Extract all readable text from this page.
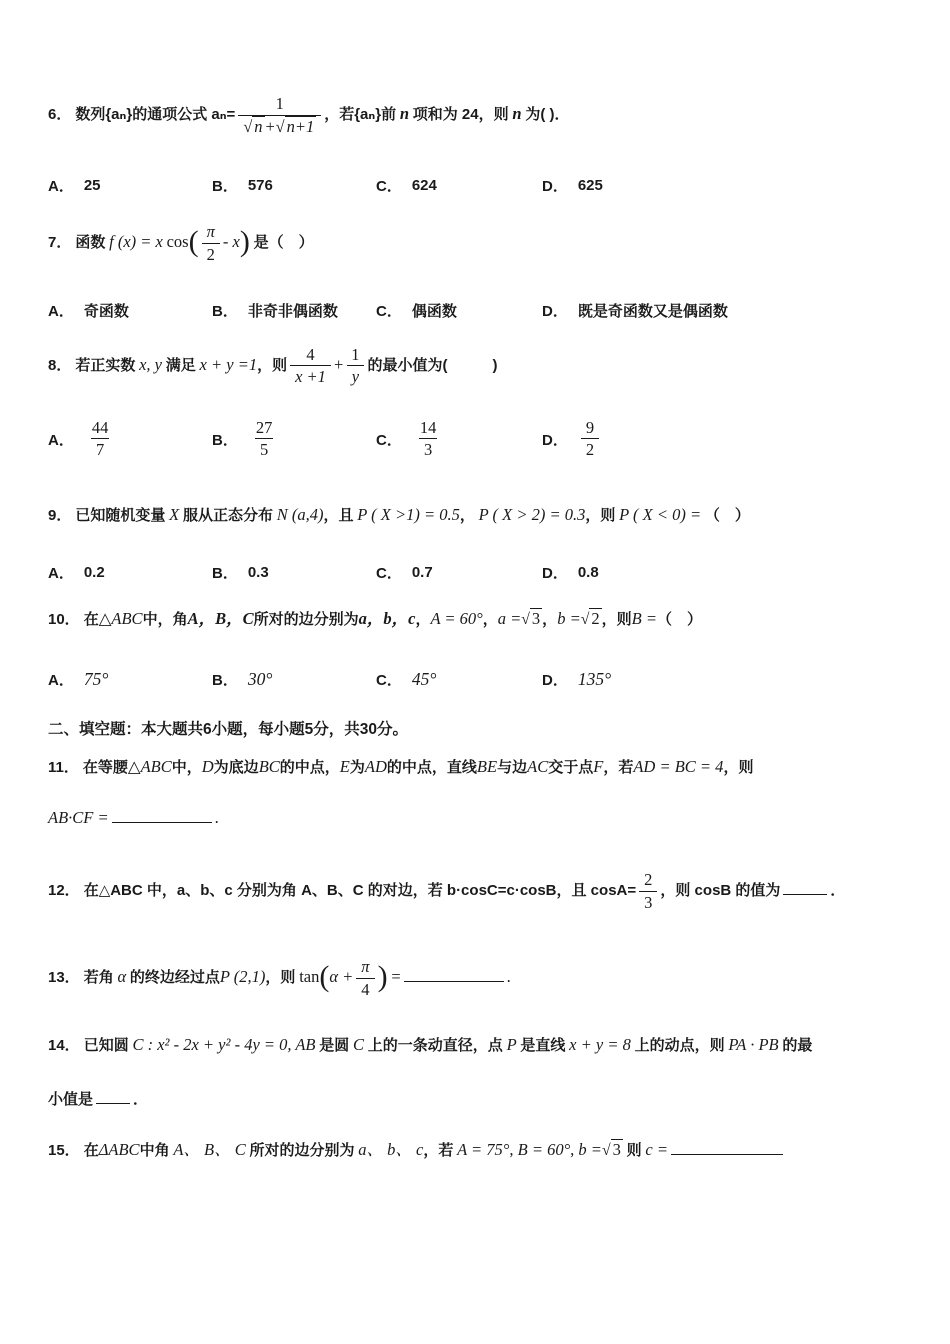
6． 数列{aₙ}的通项公式 $a_n= \frac{1}{√ n +√ n+1}$ ，若{aₙ}前 n 项和为 24，则 n 为( )．
A． 25	B． 576	C． 624	D． 625
7． 函数 f (x) = x $\cos( \frac{\pi}{2} - x)$ 是（　）
A． 奇函数	B． 非奇非偶函数	C． 偶函数	D． 既是奇函数又是偶函数
8． 若正实数 x, y 满足 x + y =1，则 $\frac{4}{x +1} + \frac{1}{y}$ 的最小值为(　　　)
A． $\frac{44}{7}$	B． $\frac{27}{5}$	C． $\frac{14}{3}$	D． $\frac{9}{2}$
9． 已知随机变量 X 服从正态分布 N (a,4)，且 P ( X >1) = 0.5， P ( X > 2) = 0.3，则 P ( X < 0) = （　）
A． 0.2	B． 0.3	C． 0.7	D． 0.8
10． 在△ABC中，角A，B，C所对的边分别为a，b，c，A = 60°，a =√ 3 ，b =√ 2 ，则B =（　）
A． 75°	B． 30°	C． 45°	D． 135°
二、填空题：本大题共6小题，每小题5分，共30分。
11． 在等腰△ABC中，D为底边BC的中点，E为AD的中点，直线BE与边AC交于点F，若AD = BC = 4，则
AB·CF =	.
12． 在△ABC 中，a、b、c 分别为角 A、B、C 的对边，若 b·cosC=c·cosB，且 $\cos A= \frac{2}{3}$ ，则 cosB 的值为	．
13． 若角 α 的终边经过点P (2,1)，则 $\tan(\alpha + \frac{\pi}{4}$ ) =	.
14． 已知圆 C : x² - 2x + y² - 4y = 0, AB 是圆 C 上的一条动直径，点 P 是直线 x + y = 8 上的动点，则 PA · PB 的最
小值是	．
15． 在ΔABC中角 A、 B、 C 所对的边分别为 a、 b、 c，若 A = 75°, B = 60°, b =√ 3 则 c =
